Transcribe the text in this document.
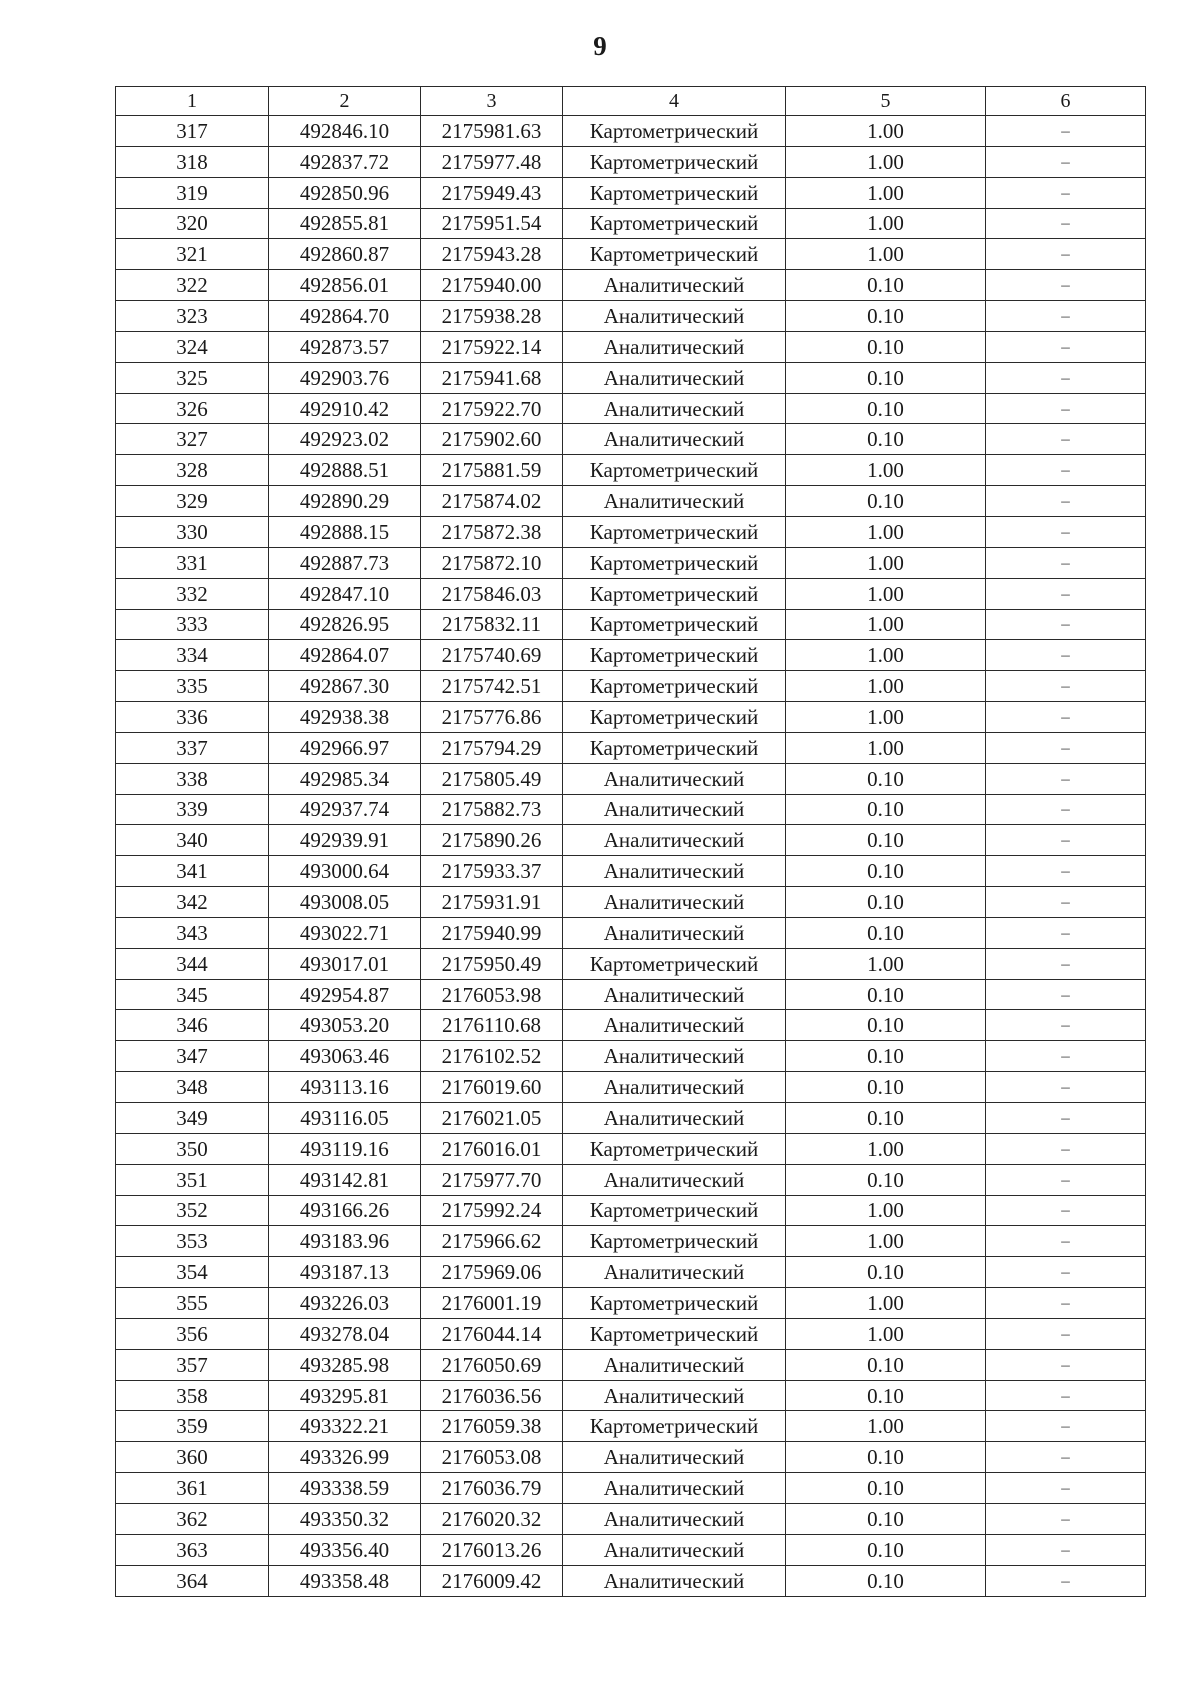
9
1	2	3	4	5	6
317	492846.10	2175981.63	Картометрический	1.00	–
318	492837.72	2175977.48	Картометрический	1.00	–
319	492850.96	2175949.43	Картометрический	1.00	–
320	492855.81	2175951.54	Картометрический	1.00	–
321	492860.87	2175943.28	Картометрический	1.00	–
322	492856.01	2175940.00	Аналитический	0.10	–
323	492864.70	2175938.28	Аналитический	0.10	–
324	492873.57	2175922.14	Аналитический	0.10	–
325	492903.76	2175941.68	Аналитический	0.10	–
326	492910.42	2175922.70	Аналитический	0.10	–
327	492923.02	2175902.60	Аналитический	0.10	–
328	492888.51	2175881.59	Картометрический	1.00	–
329	492890.29	2175874.02	Аналитический	0.10	–
330	492888.15	2175872.38	Картометрический	1.00	–
331	492887.73	2175872.10	Картометрический	1.00	–
332	492847.10	2175846.03	Картометрический	1.00	–
333	492826.95	2175832.11	Картометрический	1.00	–
334	492864.07	2175740.69	Картометрический	1.00	–
335	492867.30	2175742.51	Картометрический	1.00	–
336	492938.38	2175776.86	Картометрический	1.00	–
337	492966.97	2175794.29	Картометрический	1.00	–
338	492985.34	2175805.49	Аналитический	0.10	–
339	492937.74	2175882.73	Аналитический	0.10	–
340	492939.91	2175890.26	Аналитический	0.10	–
341	493000.64	2175933.37	Аналитический	0.10	–
342	493008.05	2175931.91	Аналитический	0.10	–
343	493022.71	2175940.99	Аналитический	0.10	–
344	493017.01	2175950.49	Картометрический	1.00	–
345	492954.87	2176053.98	Аналитический	0.10	–
346	493053.20	2176110.68	Аналитический	0.10	–
347	493063.46	2176102.52	Аналитический	0.10	–
348	493113.16	2176019.60	Аналитический	0.10	–
349	493116.05	2176021.05	Аналитический	0.10	–
350	493119.16	2176016.01	Картометрический	1.00	–
351	493142.81	2175977.70	Аналитический	0.10	–
352	493166.26	2175992.24	Картометрический	1.00	–
353	493183.96	2175966.62	Картометрический	1.00	–
354	493187.13	2175969.06	Аналитический	0.10	–
355	493226.03	2176001.19	Картометрический	1.00	–
356	493278.04	2176044.14	Картометрический	1.00	–
357	493285.98	2176050.69	Аналитический	0.10	–
358	493295.81	2176036.56	Аналитический	0.10	–
359	493322.21	2176059.38	Картометрический	1.00	–
360	493326.99	2176053.08	Аналитический	0.10	–
361	493338.59	2176036.79	Аналитический	0.10	–
362	493350.32	2176020.32	Аналитический	0.10	–
363	493356.40	2176013.26	Аналитический	0.10	–
364	493358.48	2176009.42	Аналитический	0.10	–
